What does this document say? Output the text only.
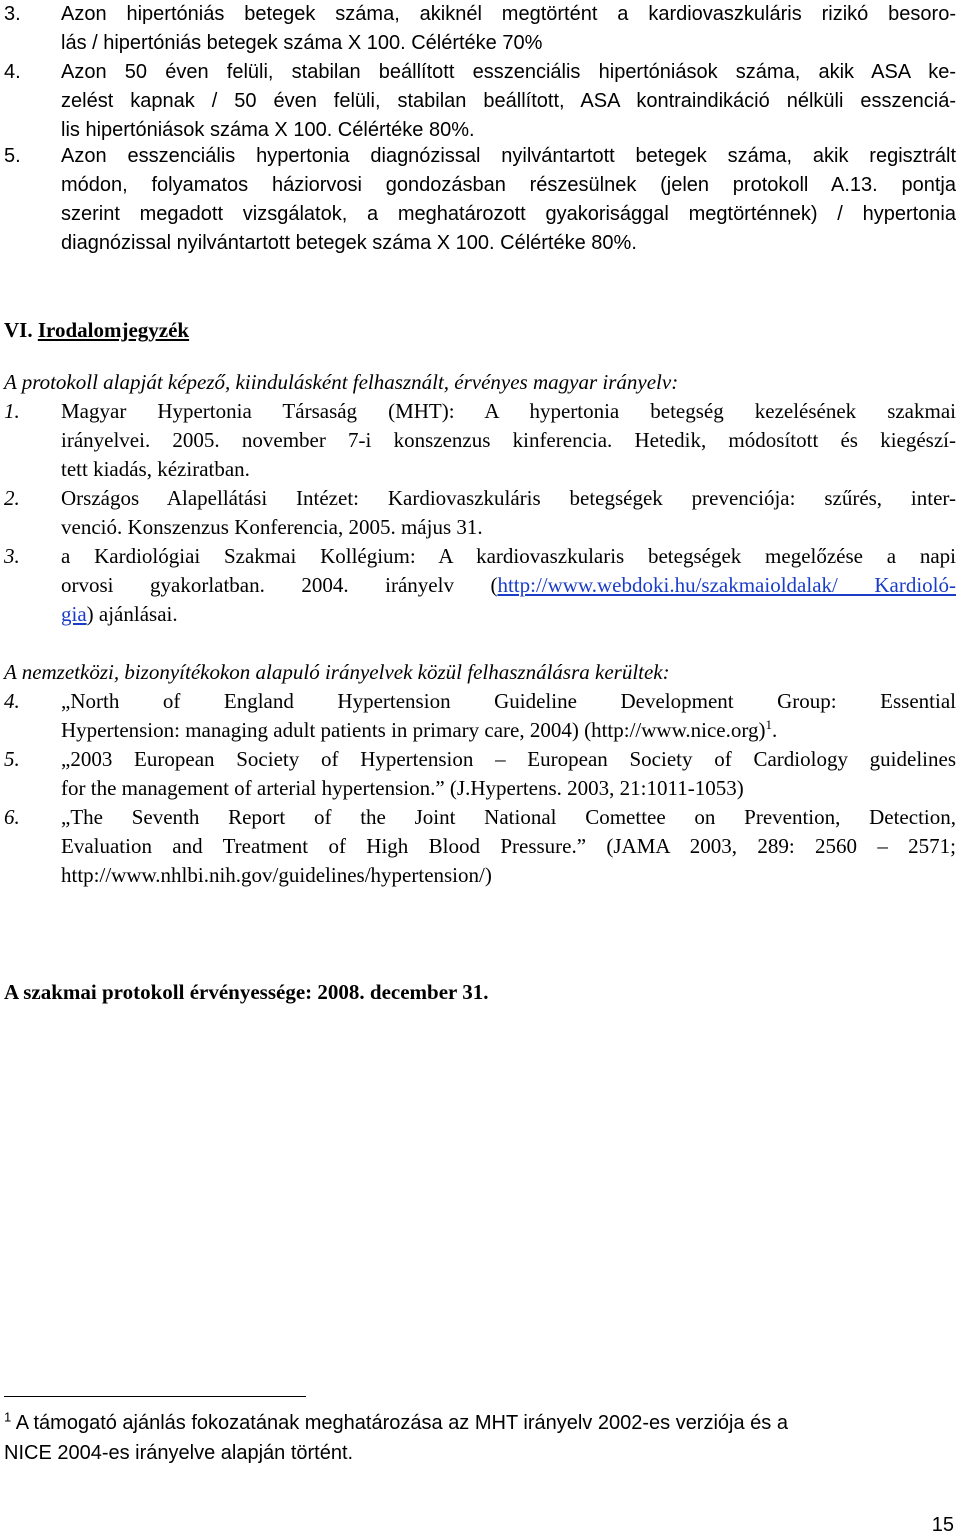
3.	Azon hipertóniás betegek száma, akiknél megtörtént a kardiovaszkuláris rizikó besoro-
lás / hipertóniás betegek száma X 100. Célértéke 70%
4.	Azon 50 éven felüli, stabilan beállított esszenciális hipertóniások száma, akik ASA ke-
zelést kapnak / 50 éven felüli, stabilan beállított, ASA kontraindikáció nélküli esszenciá-
lis hipertóniások száma X 100. Célértéke 80%.
5.	Azon esszenciális hypertonia diagnózissal nyilvántartott betegek száma, akik regisztrált
módon, folyamatos háziorvosi gondozásban részesülnek (jelen protokoll A.13. pontja
szerint megadott vizsgálatok, a meghatározott gyakorisággal megtörténnek) / hypertonia
diagnózissal nyilvántartott betegek száma X 100. Célértéke 80%.
VI. Irodalomjegyzék
A protokoll alapját képező, kiindulásként felhasznált, érvényes magyar irányelv:
1.	Magyar Hypertonia Társaság (MHT): A hypertonia betegség kezelésének szakmai
irányelvei. 2005. november 7-i konszenzus kinferencia. Hetedik, módosított és kiegészí-
tett kiadás, kéziratban.
2.	Országos Alapellátási Intézet: Kardiovaszkuláris betegségek prevenciója: szűrés, inter-
venció. Konszenzus Konferencia, 2005. május 31.
3.	a Kardiológiai Szakmai Kollégium: A kardiovaszkularis betegségek megelőzése a napi
orvosi gyakorlatban. 2004. irányelv (http://www.webdoki.hu/szakmaioldalak/ Kardioló-
gia) ajánlásai.
A nemzetközi, bizonyítékokon alapuló irányelvek közül felhasználásra kerültek:
4.	„North of England Hypertension Guideline Development Group: Essential
Hypertension: managing adult patients in primary care, 2004) (http://www.nice.org)$^1$.
5.	„2003 European Society of Hypertension – European Society of Cardiology guidelines
for the management of arterial hypertension.” (J.Hypertens. 2003, 21:1011-1053)
6.	„The Seventh Report of the Joint National Comettee on Prevention, Detection,
Evaluation and Treatment of High Blood Pressure.” (JAMA 2003, 289: 2560 – 2571;
http://www.nhlbi.nih.gov/guidelines/hypertension/)
A szakmai protokoll érvényessége: 2008. december 31.
$^1$ A támogató ajánlás fokozatának meghatározása az MHT irányelv 2002-es verziója és a
NICE 2004-es irányelve alapján történt.
15
